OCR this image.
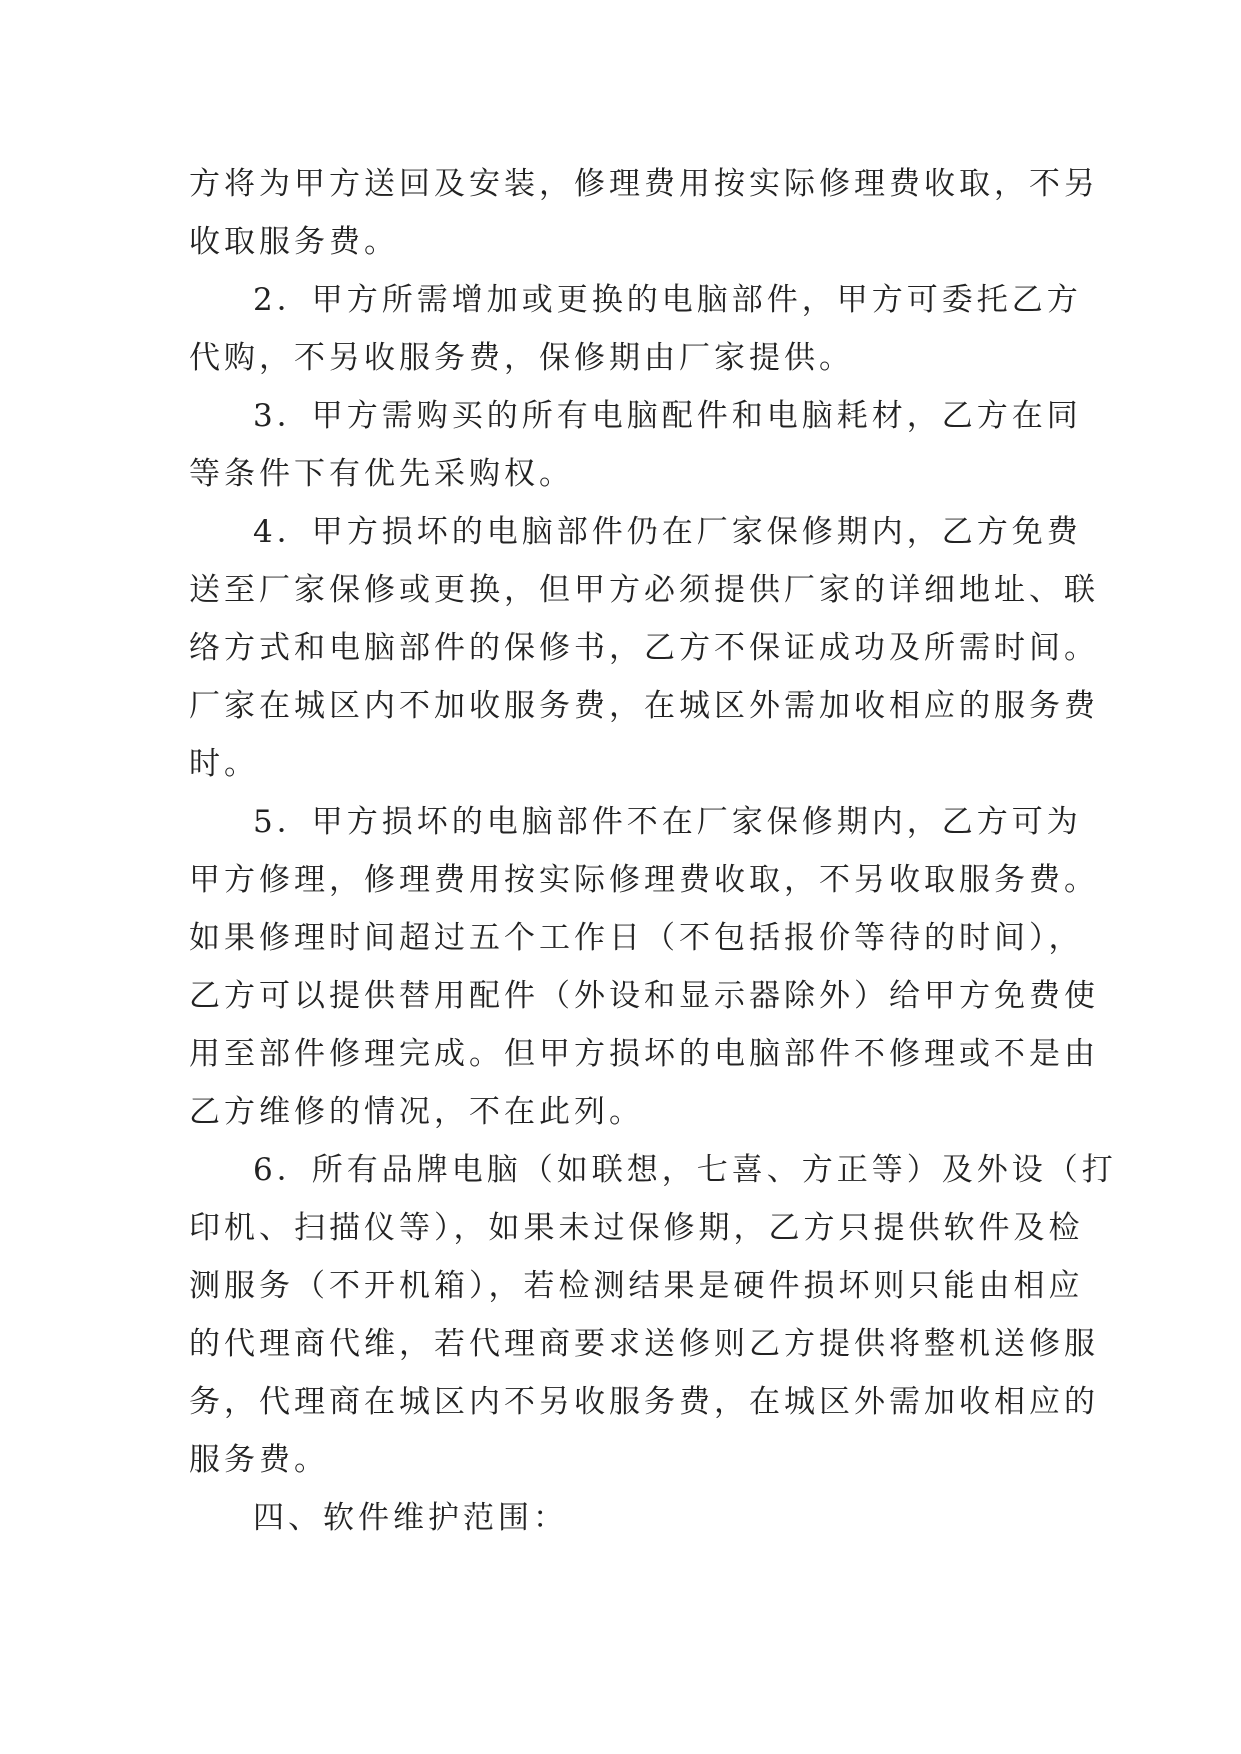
方将为甲方送回及安装，修理费用按实际修理费收取，不另
收取服务费。
2．甲方所需增加或更换的电脑部件，甲方可委托乙方
代购，不另收服务费，保修期由厂家提供。
3．甲方需购买的所有电脑配件和电脑耗材，乙方在同
等条件下有优先采购权。
4．甲方损坏的电脑部件仍在厂家保修期内，乙方免费
送至厂家保修或更换，但甲方必须提供厂家的详细地址、联
络方式和电脑部件的保修书，乙方不保证成功及所需时间。
厂家在城区内不加收服务费，在城区外需加收相应的服务费
时。
5．甲方损坏的电脑部件不在厂家保修期内，乙方可为
甲方修理，修理费用按实际修理费收取，不另收取服务费。
如果修理时间超过五个工作日（不包括报价等待的时间），
乙方可以提供替用配件（外设和显示器除外）给甲方免费使
用至部件修理完成。但甲方损坏的电脑部件不修理或不是由
乙方维修的情况，不在此列。
6．所有品牌电脑（如联想，七喜、方正等）及外设（打
印机、扫描仪等），如果未过保修期，乙方只提供软件及检
测服务（不开机箱），若检测结果是硬件损坏则只能由相应
的代理商代维，若代理商要求送修则乙方提供将整机送修服
务，代理商在城区内不另收服务费，在城区外需加收相应的
服务费。
四、软件维护范围：
